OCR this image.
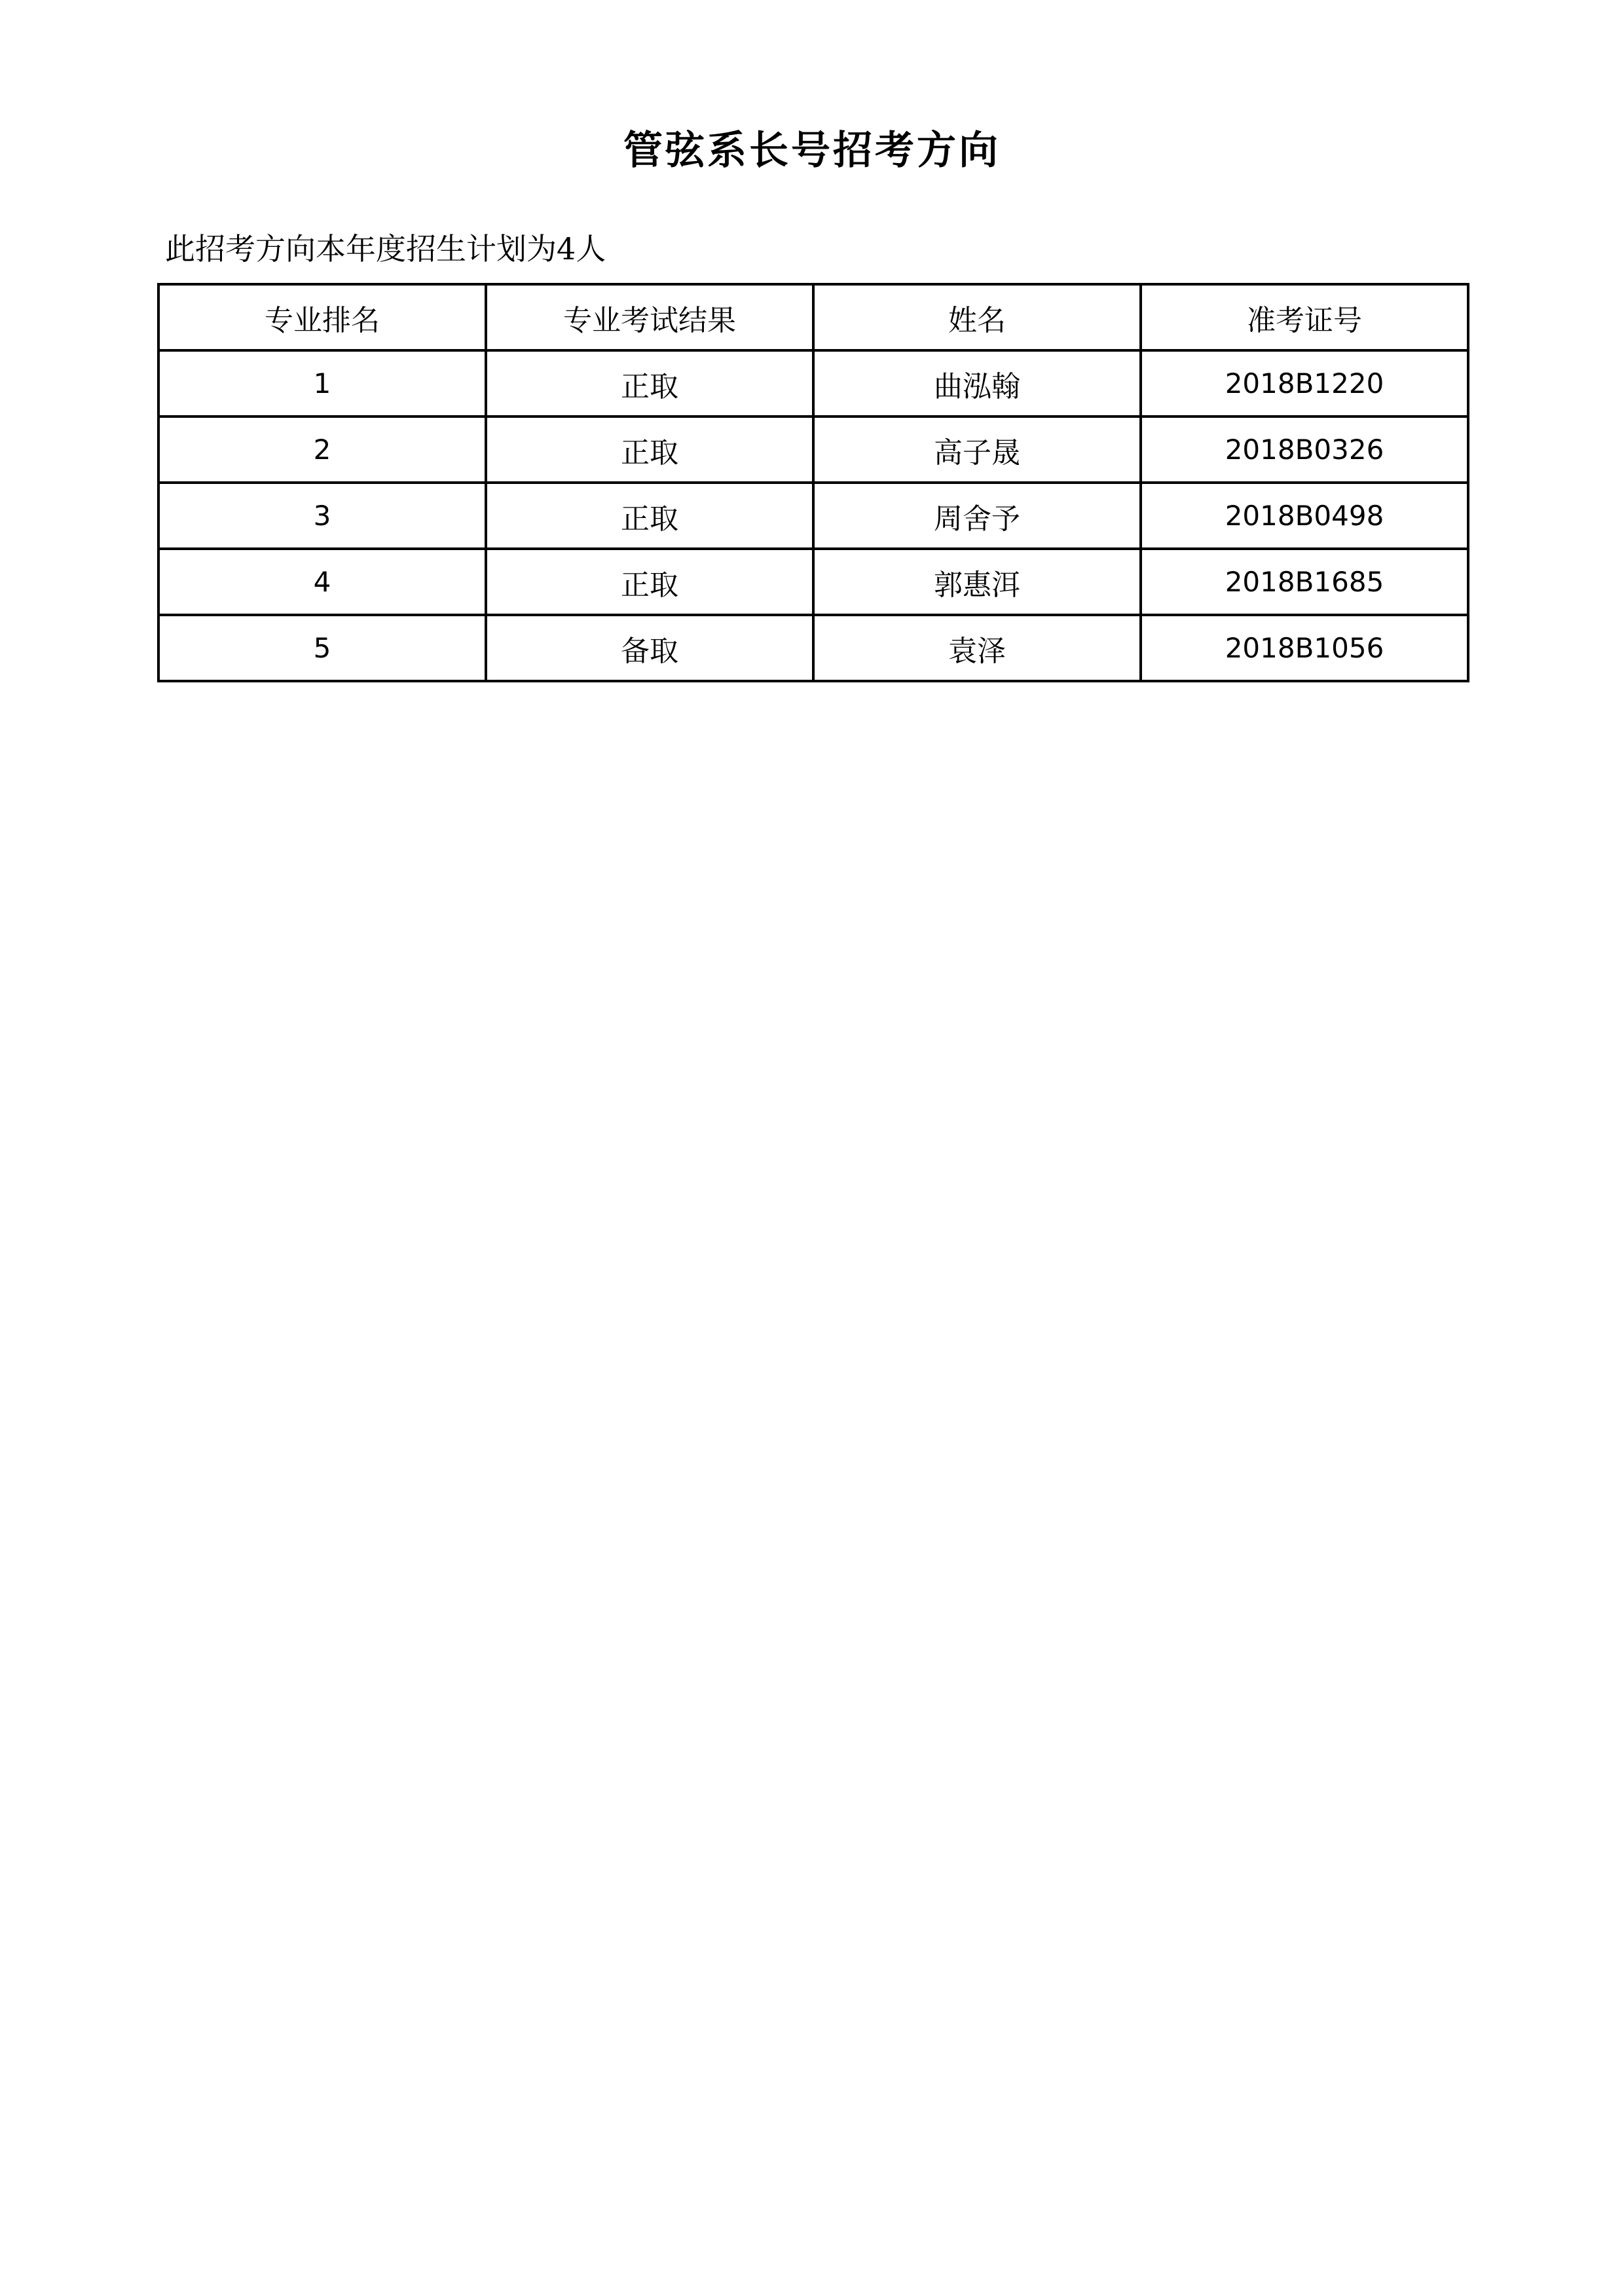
管弦系长号招考方向
此招考方向本年度招生计划为4人
专业排名	专业考试结果	姓名	准考证号
1	正取	曲泓翰	2018B1220
2	正取	高子晟	2018B0326
3	正取	周舍予	2018B0498
4	正取	郭惠洱	2018B1685
5	备取	袁泽	2018B1056
